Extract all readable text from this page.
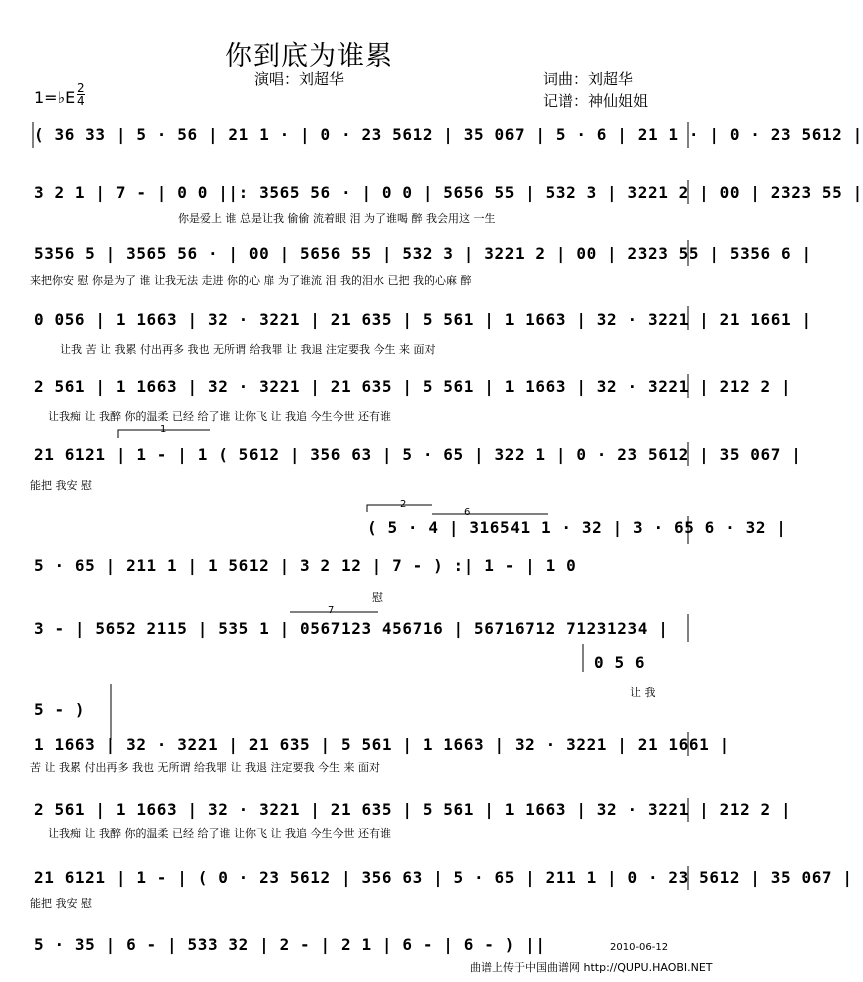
你到底为谁累
演唱：刘超华	词曲：刘超华
记谱：神仙姐姐
1=♭E $\frac{2}{4}$
( 36 33 | 5 · 56 | 21 1 · | 0 · 23 5612 | 35 067 | 5 · 6 | 21 1 · | 0 · 23 5612 |
3 2 1 | 7 - | 0 0 ||: 3565 56 · | 0 0 | 5656 55 | 532 3 | 3221 2 | 00 | 2323 55 |
5356 5 | 3565 56 · | 00 | 5656 55 | 532 3 | 3221 2 | 00 | 2323 55 | 5356 6 |
0 056 | 1 1663 | 32 · 3221 | 21 635 | 5 561 | 1 1663 | 32 · 3221 | 21 1661 |
2 561 | 1 1663 | 32 · 3221 | 21 635 | 5 561 | 1 1663 | 32 · 3221 | 212 2 |
21 6121 | 1 - | 1 ( 5612 | 356 63 | 5 · 65 | 322 1 | 0 · 23 5612 | 35 067 |
( 5 · 4 | 316541 1 · 32 | 3 · 65 6 · 32 |
5 · 65 | 211 1 | 1 5612 | 3 2 12 | 7 - ) :| 1 - | 1 0
3 - | 5652 2115 | 535 1 | 0567123 456716 | 56716712 71231234 |
0 5 6
5 - )
1 1663 | 32 · 3221 | 21 635 | 5 561 | 1 1663 | 32 · 3221 | 21 1661 |
2 561 | 1 1663 | 32 · 3221 | 21 635 | 5 561 | 1 1663 | 32 · 3221 | 212 2 |
21 6121 | 1 - | ( 0 · 23 5612 | 356 63 | 5 · 65 | 211 1 | 0 · 23 5612 | 35 067 |
5 · 35 | 6 - | 533 32 | 2 - | 2 1 | 6 - | 6 - ) ||
1
2
6
7
你是爱上 谁 总是让我 偷偷 流着眼 泪 为了谁喝 醉 我会用这 一生
来把你安 慰 你是为了 谁 让我无法 走进 你的心 扉 为了谁流 泪 我的泪水 已把 我的心麻 醉
让我 苦 让 我累 付出再多 我也 无所谓 给我罪 让 我退 注定要我 今生 来 面对
让我痴 让 我醉 你的温柔 已经 给了谁 让你飞 让 我追 今生今世 还有谁
能把 我安 慰
慰
让 我
苦 让 我累 付出再多 我也 无所谓 给我罪 让 我退 注定要我 今生 来 面对
让我痴 让 我醉 你的温柔 已经 给了谁 让你飞 让 我追 今生今世 还有谁
能把 我安 慰
2010-06-12
曲谱上传于中国曲谱网 http://QUPU.HAOBI.NET
